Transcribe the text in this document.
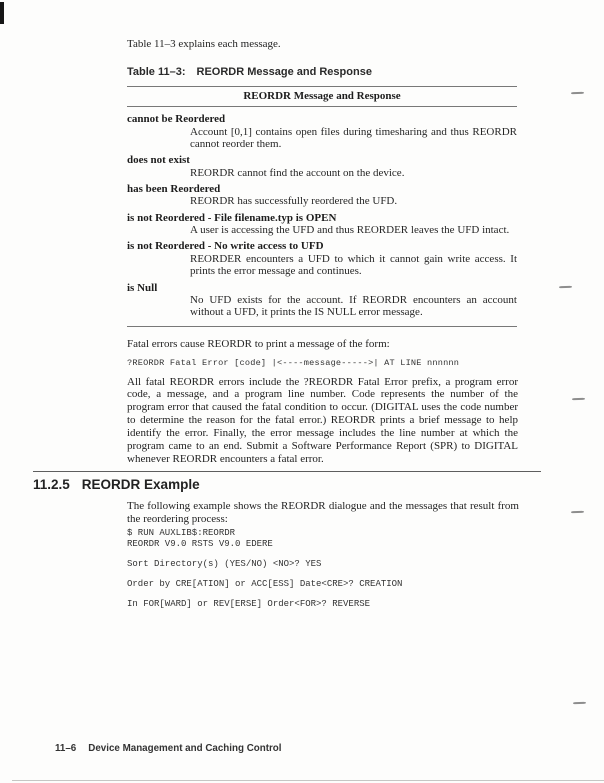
Table 11–3 explains each message.
Table 11–3: REORDR Message and Response
REORDR Message and Response
cannot be Reordered
Account [0,1] contains open files during timesharing and thus REORDR cannot reorder them.
does not exist
REORDR cannot find the account on the device.
has been Reordered
REORDR has successfully reordered the UFD.
is not Reordered - File filename.typ is OPEN
A user is accessing the UFD and thus REORDER leaves the UFD intact.
is not Reordered - No write access to UFD
REORDER encounters a UFD to which it cannot gain write access. It prints the error message and continues.
is Null
No UFD exists for the account. If REORDR encounters an account without a UFD, it prints the IS NULL error message.
Fatal errors cause REORDR to print a message of the form:
?REORDR Fatal Error [code] |<----message----->| AT LINE nnnnnn
All fatal REORDR errors include the ?REORDR Fatal Error prefix, a program error code, a message, and a program line number. Code represents the number of the program error that caused the fatal condition to occur. (DIGITAL uses the code number to determine the reason for the fatal error.) REORDR prints a brief message to help identify the error. Finally, the error message includes the line number at which the program came to an end. Submit a Software Performance Report (SPR) to DIGITAL whenever REORDR encounters a fatal error.
11.2.5 REORDR Example
The following example shows the REORDR dialogue and the messages that result from the reordering process:
$ RUN AUXLIB$:REORDR
REORDR V9.0 RSTS V9.0 EDERE
Sort Directory(s) (YES/NO) <NO>? YES
Order by CRE[ATION] or ACC[ESS] Date<CRE>? CREATION
In FOR[WARD] or REV[ERSE] Order<FOR>? REVERSE
11–6 Device Management and Caching Control
